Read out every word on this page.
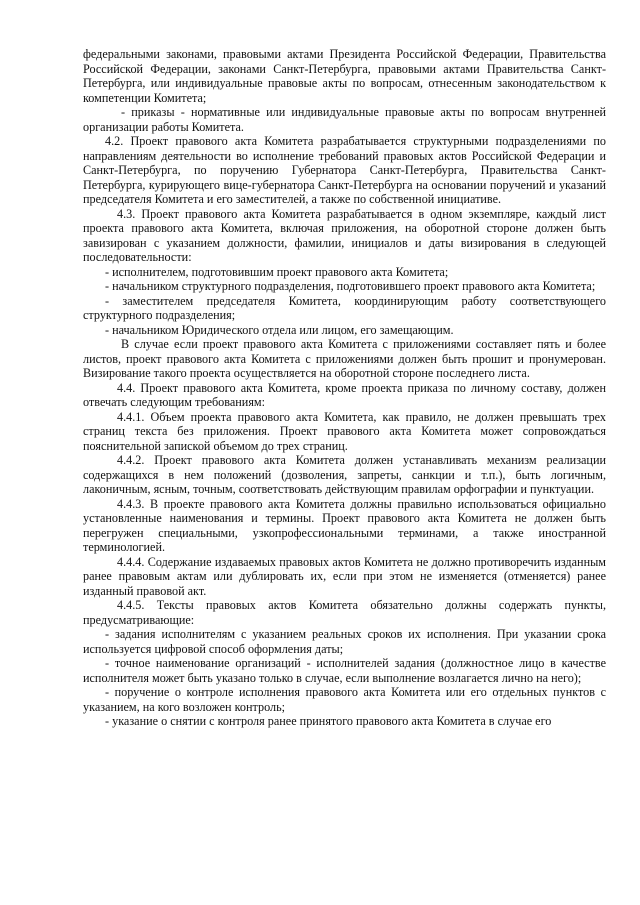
федеральными законами, правовыми актами Президента Российской Федерации, Правительства Российской Федерации, законами Санкт-Петербурга, правовыми актами Правительства Санкт-Петербурга, или индивидуальные правовые акты по вопросам, отнесенным законодательством к компетенции Комитета;

- приказы - нормативные или индивидуальные правовые акты по вопросам внутренней организации работы Комитета.

4.2. Проект правового акта Комитета разрабатывается структурными подразделениями по направлениям деятельности во исполнение требований правовых актов Российской Федерации и Санкт-Петербурга, по поручению Губернатора Санкт-Петербурга, Правительства Санкт-Петербурга, курирующего вице-губернатора Санкт-Петербурга на основании поручений и указаний председателя Комитета и его заместителей, а также по собственной инициативе.

4.3. Проект правового акта Комитета разрабатывается в одном экземпляре, каждый лист проекта правового акта Комитета, включая приложения, на оборотной стороне должен быть завизирован с указанием должности, фамилии, инициалов и даты визирования в следующей последовательности:

- исполнителем, подготовившим проект правового акта Комитета;

- начальником структурного подразделения, подготовившего проект правового акта Комитета;

- заместителем председателя Комитета, координирующим работу соответствующего структурного подразделения;

- начальником Юридического отдела или лицом, его замещающим.

В случае если проект правового акта Комитета с приложениями составляет пять и более листов, проект правового акта Комитета с приложениями должен быть прошит и пронумерован. Визирование такого проекта осуществляется на оборотной стороне последнего листа.

4.4. Проект правового акта Комитета, кроме проекта приказа по личному составу, должен отвечать следующим требованиям:

4.4.1. Объем проекта правового акта Комитета, как правило, не должен превышать трех страниц текста без приложения. Проект правового акта Комитета может сопровождаться пояснительной запиской объемом до трех страниц.

4.4.2. Проект правового акта Комитета должен устанавливать механизм реализации содержащихся в нем положений (дозволения, запреты, санкции и т.п.), быть логичным, лаконичным, ясным, точным, соответствовать действующим правилам орфографии и пунктуации.

4.4.3. В проекте правового акта Комитета должны правильно использоваться официально установленные наименования и термины. Проект правового акта Комитета не должен быть перегружен специальными, узкопрофессиональными терминами, а также иностранной терминологией.

4.4.4. Содержание издаваемых правовых актов Комитета не должно противоречить изданным ранее правовым актам или дублировать их, если при этом не изменяется (отменяется) ранее изданный правовой акт.

4.4.5. Тексты правовых актов Комитета обязательно должны содержать пункты, предусматривающие:

- задания исполнителям с указанием реальных сроков их исполнения. При указании срока используется цифровой способ оформления даты;

- точное наименование организаций - исполнителей задания (должностное лицо в качестве исполнителя может быть указано только в случае, если выполнение возлагается лично на него);

- поручение о контроле исполнения правового акта Комитета или его отдельных пунктов с указанием, на кого возложен контроль;

- указание о снятии с контроля ранее принятого правового акта Комитета в случае его
